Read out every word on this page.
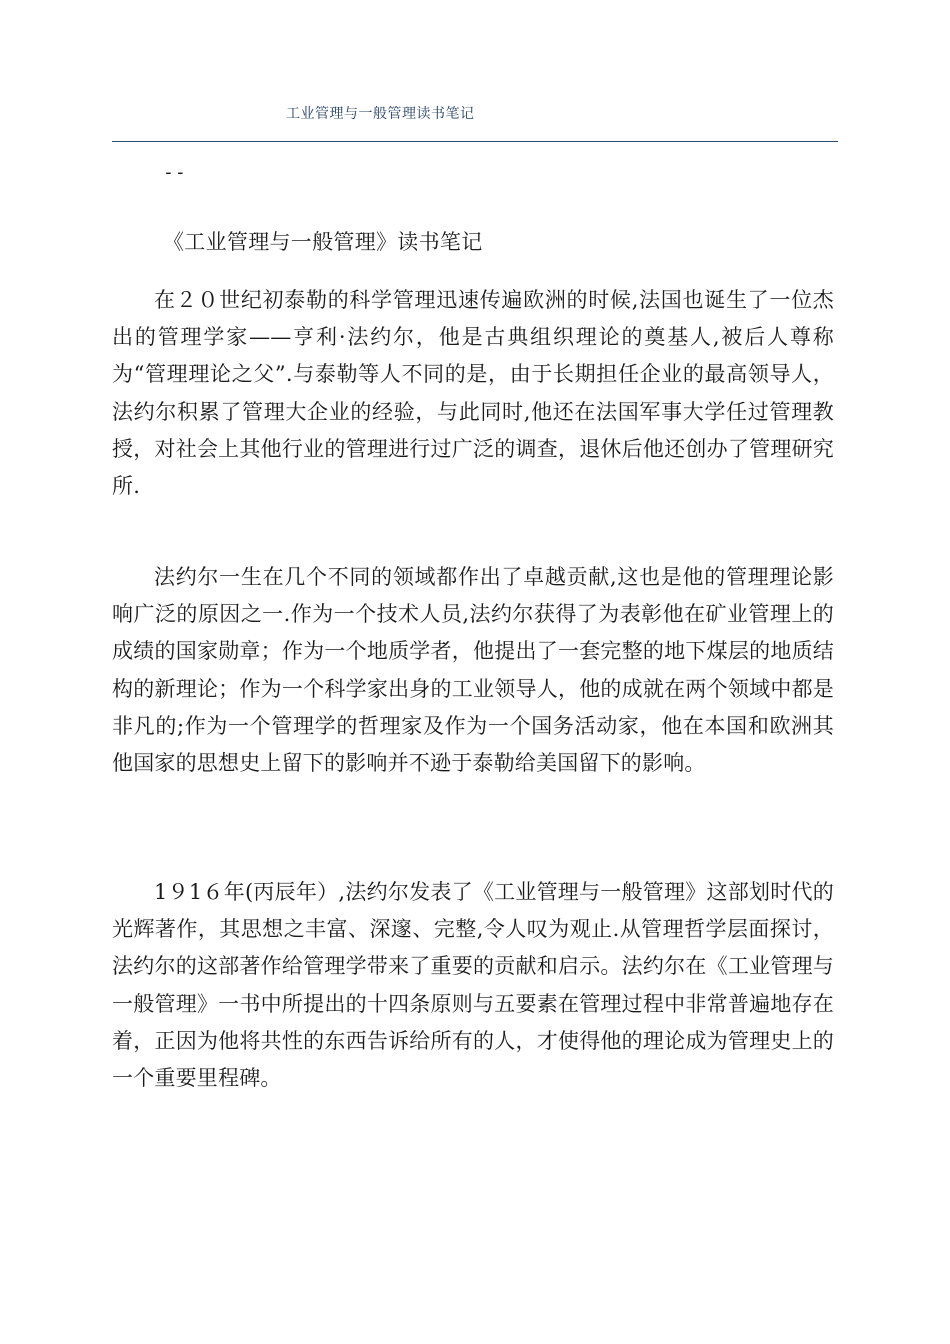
工业管理与一般管理读书笔记
--
《工业管理与一般管理》读书笔记

在２０世纪初泰勒的科学管理迅速传遍欧洲的时候,法国也诞生了一位杰出的管理学家——亨利·法约尔，他是古典组织理论的奠基人,被后人尊称为“管理理论之父”.与泰勒等人不同的是，由于长期担任企业的最高领导人，法约尔积累了管理大企业的经验，与此同时,他还在法国军事大学任过管理教授，对社会上其他行业的管理进行过广泛的调查，退休后他还创办了管理研究所.

法约尔一生在几个不同的领域都作出了卓越贡献,这也是他的管理理论影响广泛的原因之一.作为一个技术人员,法约尔获得了为表彰他在矿业管理上的成绩的国家勋章；作为一个地质学者，他提出了一套完整的地下煤层的地质结构的新理论；作为一个科学家出身的工业领导人，他的成就在两个领域中都是非凡的;作为一个管理学的哲理家及作为一个国务活动家，他在本国和欧洲其他国家的思想史上留下的影响并不逊于泰勒给美国留下的影响。

1９1６年(丙辰年）,法约尔发表了《工业管理与一般管理》这部划时代的光辉著作，其思想之丰富、深邃、完整,令人叹为观止.从管理哲学层面探讨，法约尔的这部著作给管理学带来了重要的贡献和启示。法约尔在《工业管理与一般管理》一书中所提出的十四条原则与五要素在管理过程中非常普遍地存在着，正因为他将共性的东西告诉给所有的人，才使得他的理论成为管理史上的一个重要里程碑。
